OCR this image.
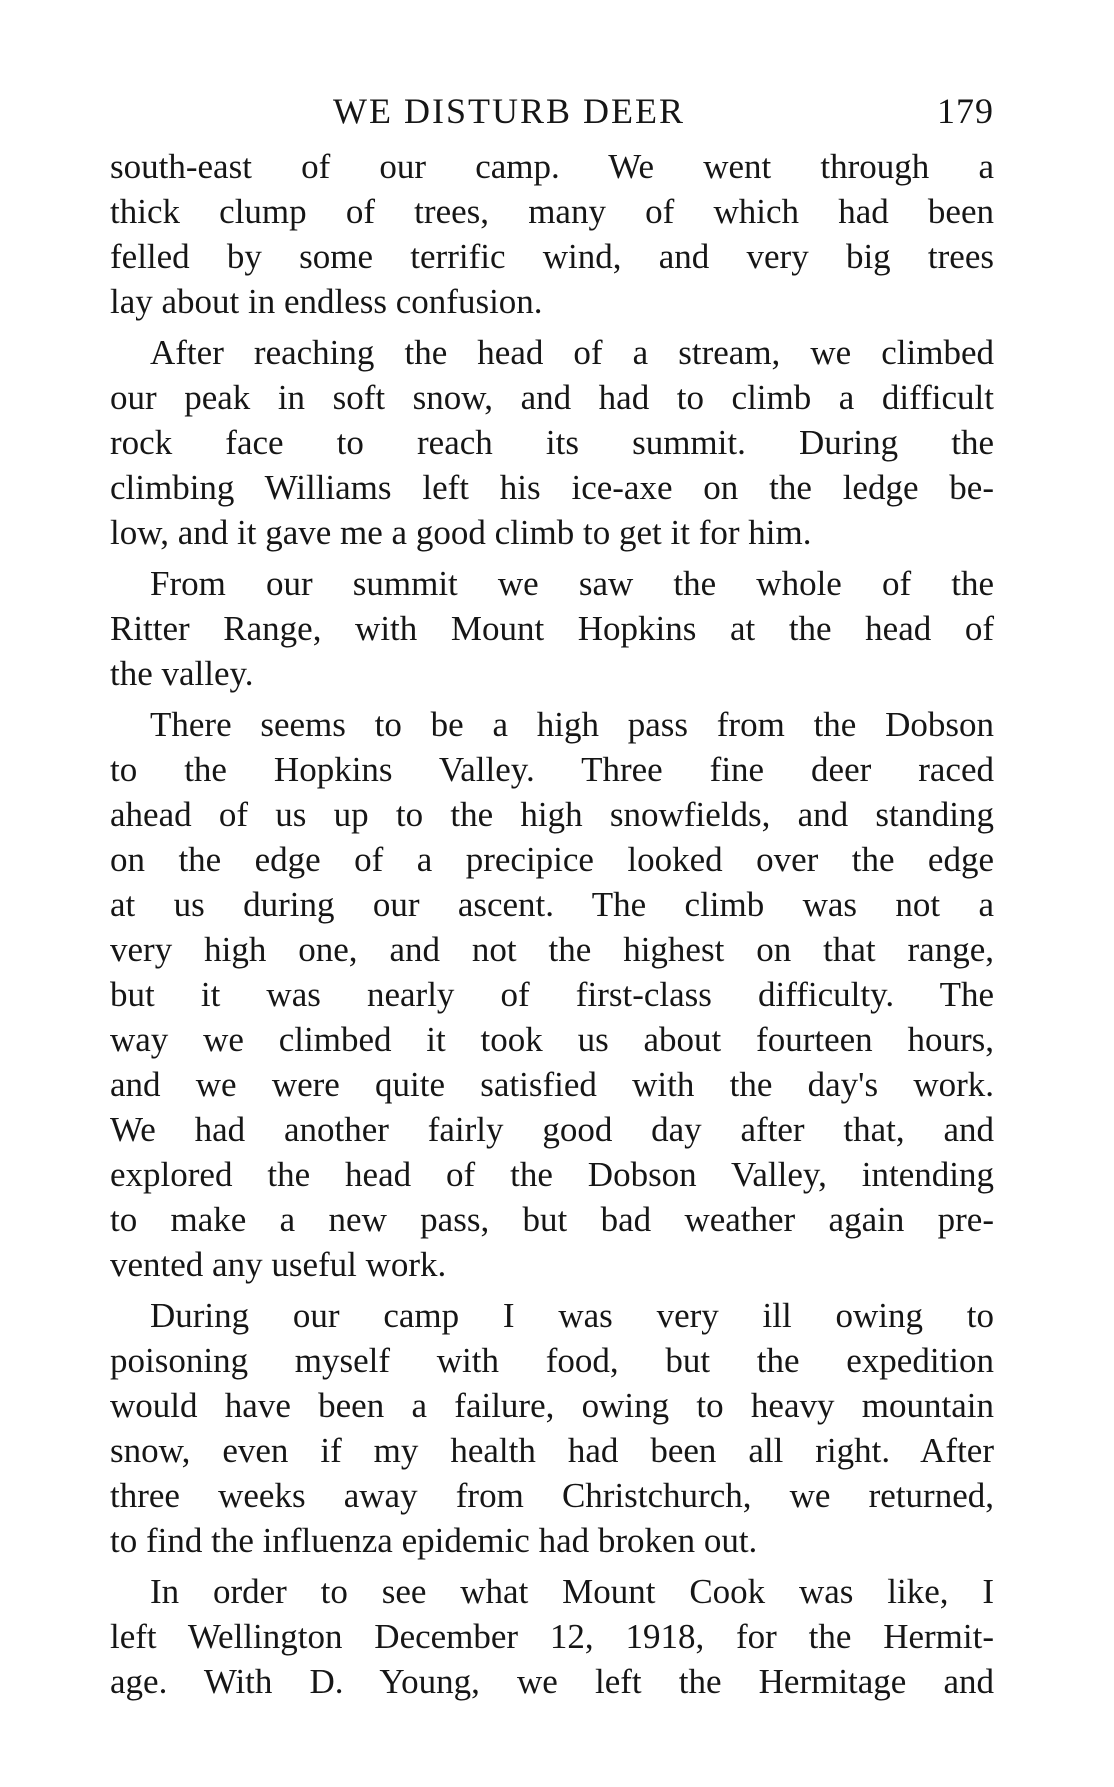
WE DISTURB DEER	179
south-east of our camp. We went through a
thick clump of trees, many of which had been
felled by some terrific wind, and very big trees
lay about in endless confusion.
After reaching the head of a stream, we climbed
our peak in soft snow, and had to climb a difficult
rock face to reach its summit. During the
climbing Williams left his ice-axe on the ledge be-
low, and it gave me a good climb to get it for him.
From our summit we saw the whole of the
Ritter Range, with Mount Hopkins at the head of
the valley.
There seems to be a high pass from the Dobson
to the Hopkins Valley. Three fine deer raced
ahead of us up to the high snowfields, and standing
on the edge of a precipice looked over the edge
at us during our ascent. The climb was not a
very high one, and not the highest on that range,
but it was nearly of first-class difficulty. The
way we climbed it took us about fourteen hours,
and we were quite satisfied with the day's work.
We had another fairly good day after that, and
explored the head of the Dobson Valley, intending
to make a new pass, but bad weather again pre-
vented any useful work.
During our camp I was very ill owing to
poisoning myself with food, but the expedition
would have been a failure, owing to heavy mountain
snow, even if my health had been all right. After
three weeks away from Christchurch, we returned,
to find the influenza epidemic had broken out.
In order to see what Mount Cook was like, I
left Wellington December 12, 1918, for the Hermit-
age. With D. Young, we left the Hermitage and
